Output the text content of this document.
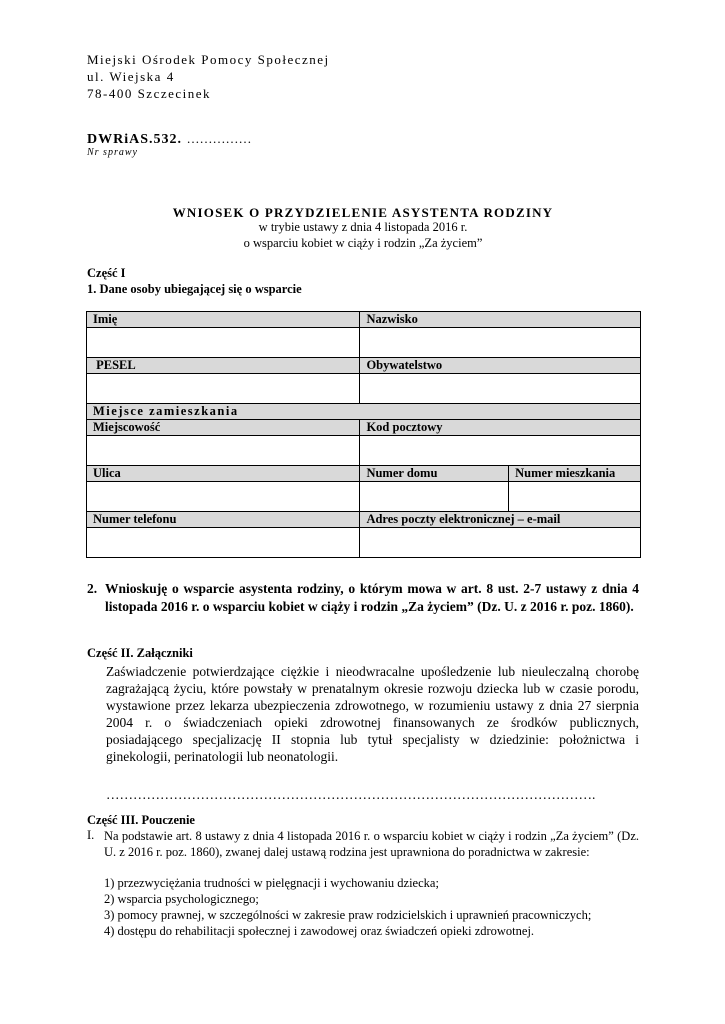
Miejski Ośrodek Pomocy Społecznej
ul. Wiejska 4
78-400 Szczecinek
DWRiAS.532. ……………
Nr sprawy
WNIOSEK O PRZYDZIELENIE ASYSTENTA RODZINY
w trybie ustawy z dnia 4 listopada 2016 r.
o wsparciu kobiet w ciąży i rodzin „Za życiem”
Część I
1. Dane osoby ubiegającej się o wsparcie
Imię	Nazwisko	

PESEL	Obywatelstwo	

Miejsce zamieszkania		
Miejscowość	Kod pocztowy	

Ulica	Numer domu	Numer mieszkania

Numer telefonu	Adres poczty elektronicznej – e-mail	

2. Wnioskuję o wsparcie asystenta rodziny, o którym mowa w art. 8 ust. 2-7 ustawy z dnia 4 listopada 2016 r. o wsparciu kobiet w ciąży i rodzin „Za życiem” (Dz. U. z 2016 r. poz. 1860).
Część II. Załączniki
Zaświadczenie potwierdzające ciężkie i nieodwracalne upośledzenie lub nieuleczalną chorobę zagrażającą życiu, które powstały w prenatalnym okresie rozwoju dziecka lub w czasie porodu, wystawione przez lekarza ubezpieczenia zdrowotnego, w rozumieniu ustawy z dnia 27 sierpnia 2004 r. o świadczeniach opieki zdrowotnej finansowanych ze środków publicznych, posiadającego specjalizację II stopnia lub tytuł specjalisty w dziedzinie: położnictwa i ginekologii, perinatologii lub neonatologii.
……………………………………………………………………………………………….
Część III. Pouczenie
I. Na podstawie art. 8 ustawy z dnia 4 listopada 2016 r. o wsparciu kobiet w ciąży i rodzin „Za życiem” (Dz. U. z 2016 r. poz. 1860), zwanej dalej ustawą rodzina jest uprawniona do poradnictwa w zakresie:
1) przezwyciężania trudności w pielęgnacji i wychowaniu dziecka;
2) wsparcia psychologicznego;
3) pomocy prawnej, w szczególności w zakresie praw rodzicielskich i uprawnień pracowniczych;
4) dostępu do rehabilitacji społecznej i zawodowej oraz świadczeń opieki zdrowotnej.
